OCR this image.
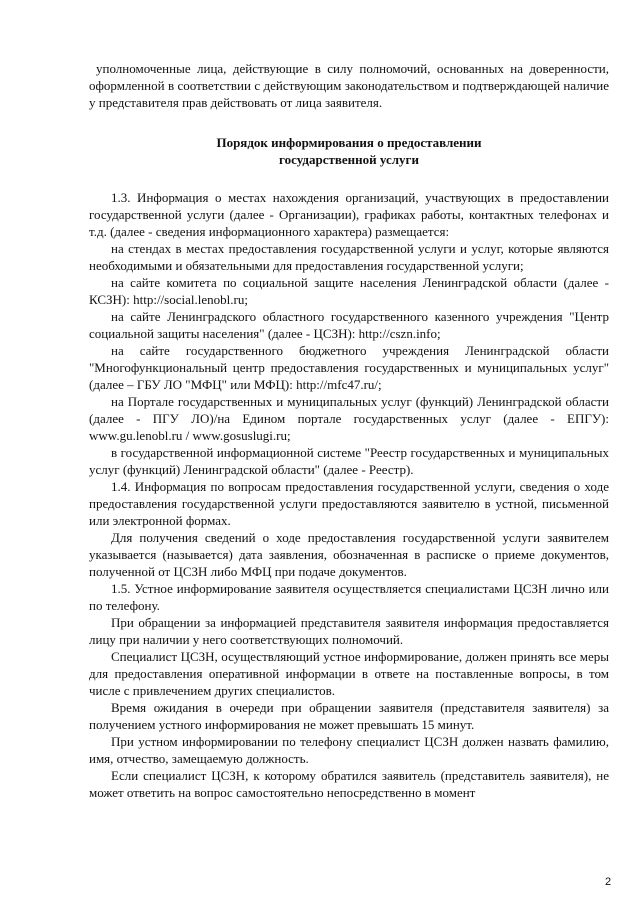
уполномоченные лица, действующие в силу полномочий, основанных на доверенности, оформленной в соответствии с действующим законодательством и подтверждающей наличие у представителя прав действовать от лица заявителя.

Порядок информирования о предоставлении
государственной услуги

1.3. Информация о местах нахождения организаций, участвующих в предоставлении государственной услуги (далее - Организации), графиках работы, контактных телефонах и т.д. (далее - сведения информационного характера) размещается:

на стендах в местах предоставления государственной услуги и услуг, которые являются необходимыми и обязательными для предоставления государственной услуги;

на сайте комитета по социальной защите населения Ленинградской области (далее - КСЗН): http://social.lenobl.ru;

на сайте Ленинградского областного государственного казенного учреждения "Центр социальной защиты населения" (далее - ЦСЗН): http://cszn.info;

на сайте государственного бюджетного учреждения Ленинградской области "Многофункциональный центр предоставления государственных и муниципальных услуг" (далее – ГБУ ЛО "МФЦ" или МФЦ): http://mfc47.ru/;

на Портале государственных и муниципальных услуг (функций) Ленинградской области (далее - ПГУ ЛО)/на Едином портале государственных услуг (далее - ЕПГУ): www.gu.lenobl.ru / www.gosuslugi.ru;

в государственной информационной системе "Реестр государственных и муниципальных услуг (функций) Ленинградской области" (далее - Реестр).

1.4. Информация по вопросам предоставления государственной услуги, сведения о ходе предоставления государственной услуги предоставляются заявителю в устной, письменной или электронной формах.

Для получения сведений о ходе предоставления государственной услуги заявителем указывается (называется) дата заявления, обозначенная в расписке о приеме документов, полученной от ЦСЗН либо МФЦ при подаче документов.

1.5. Устное информирование заявителя осуществляется специалистами ЦСЗН лично или по телефону.

При обращении за информацией представителя заявителя информация предоставляется лицу при наличии у него соответствующих полномочий.

Специалист ЦСЗН, осуществляющий устное информирование, должен принять все меры для предоставления оперативной информации в ответе на поставленные вопросы, в том числе с привлечением других специалистов.

Время ожидания в очереди при обращении заявителя (представителя заявителя) за получением устного информирования не может превышать 15 минут.

При устном информировании по телефону специалист ЦСЗН должен назвать фамилию, имя, отчество, замещаемую должность.

Если специалист ЦСЗН, к которому обратился заявитель (представитель заявителя), не может ответить на вопрос самостоятельно непосредственно в момент

2
